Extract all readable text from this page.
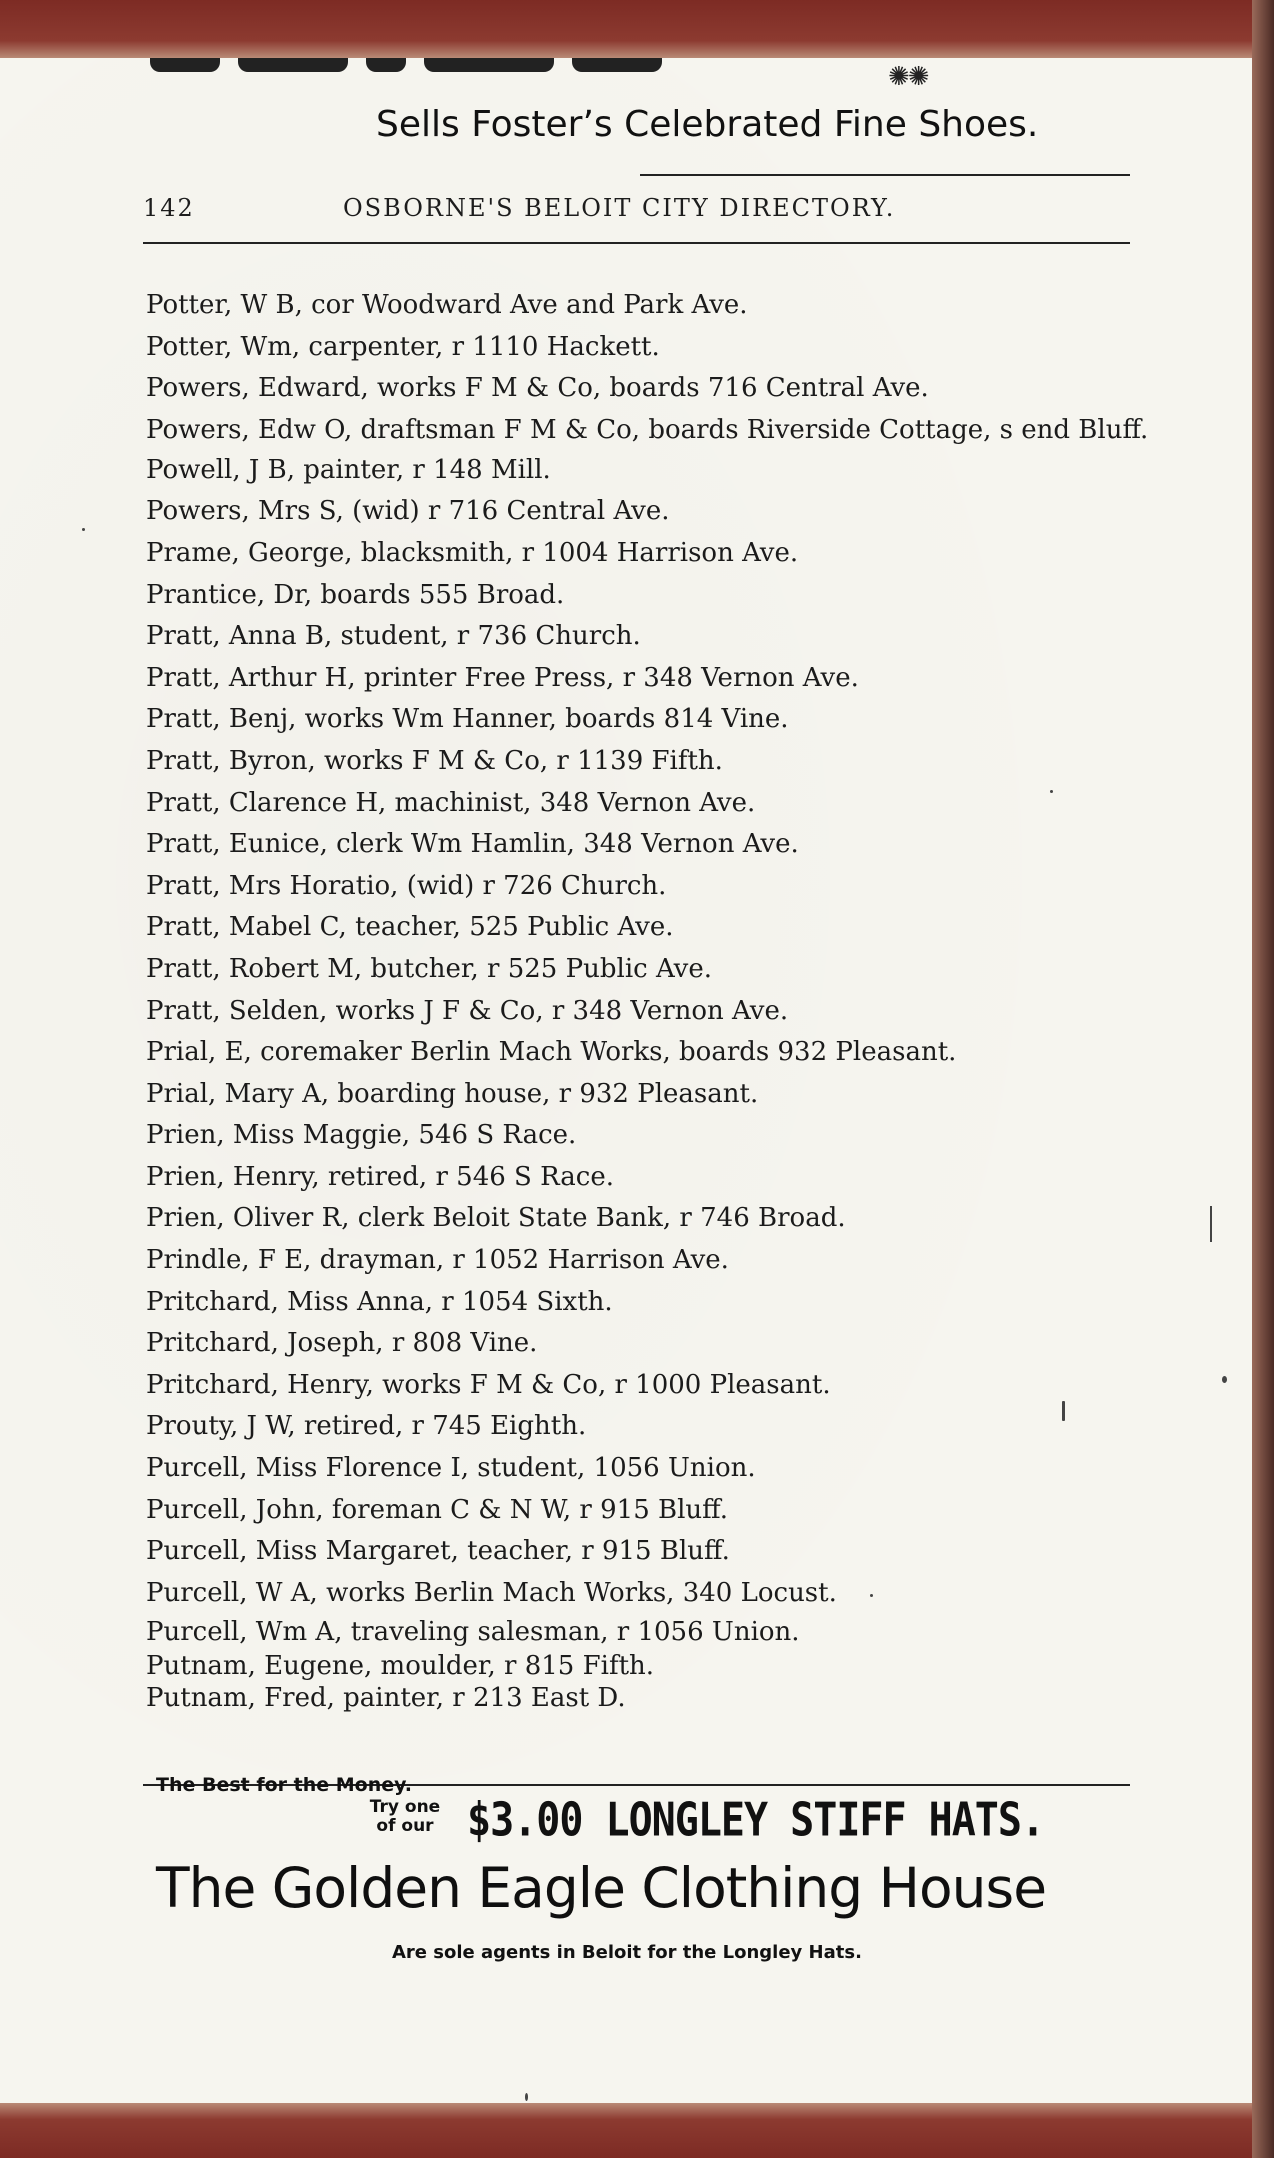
✺✺
Sells Foster’s Celebrated Fine Shoes.
142	OSBORNE'S BELOIT CITY DIRECTORY.

Potter, W B, cor Woodward Ave and Park Ave.

Potter, Wm, carpenter, r 1110 Hackett.

Powers, Edward, works F M & Co, boards 716 Central Ave.

Powers, Edw O, draftsman F M & Co, boards Riverside Cottage, s end Bluff.

Powell, J B, painter, r 148 Mill.

Powers, Mrs S, (wid) r 716 Central Ave.

Prame, George, blacksmith, r 1004 Harrison Ave.

Prantice, Dr, boards 555 Broad.

Pratt, Anna B, student, r 736 Church.

Pratt, Arthur H, printer Free Press, r 348 Vernon Ave.

Pratt, Benj, works Wm Hanner, boards 814 Vine.

Pratt, Byron, works F M & Co, r 1139 Fifth.

Pratt, Clarence H, machinist, 348 Vernon Ave.

Pratt, Eunice, clerk Wm Hamlin, 348 Vernon Ave.

Pratt, Mrs Horatio, (wid) r 726 Church.

Pratt, Mabel C, teacher, 525 Public Ave.

Pratt, Robert M, butcher, r 525 Public Ave.

Pratt, Selden, works J F & Co, r 348 Vernon Ave.

Prial, E, coremaker Berlin Mach Works, boards 932 Pleasant.

Prial, Mary A, boarding house, r 932 Pleasant.

Prien, Miss Maggie, 546 S Race.

Prien, Henry, retired, r 546 S Race.

Prien, Oliver R, clerk Beloit State Bank, r 746 Broad.

Prindle, F E, drayman, r 1052 Harrison Ave.

Pritchard, Miss Anna, r 1054 Sixth.

Pritchard, Joseph, r 808 Vine.

Pritchard, Henry, works F M & Co, r 1000 Pleasant.

Prouty, J W, retired, r 745 Eighth.

Purcell, Miss Florence I, student, 1056 Union.

Purcell, John, foreman C & N W, r 915 Bluff.

Purcell, Miss Margaret, teacher, r 915 Bluff.

Purcell, W A, works Berlin Mach Works, 340 Locust.

Purcell, Wm A, traveling salesman, r 1056 Union.

Putnam, Eugene, moulder, r 815 Fifth.

Putnam, Fred, painter, r 213 East D.

The Best for the Money.
Try one
of our $3.00 LONGLEY STIFF HATS.
The Golden Eagle Clothing House
Are sole agents in Beloit for the Longley Hats.
